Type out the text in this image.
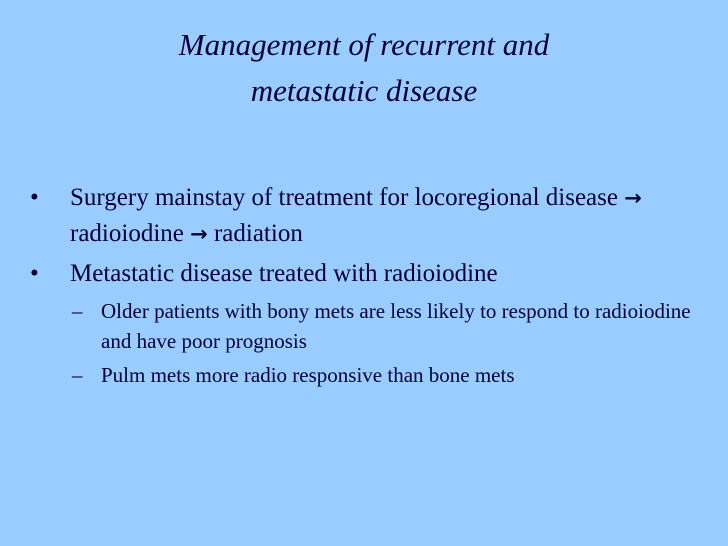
Management of recurrent and
metastatic disease
•	Surgery mainstay of treatment for locoregional disease → radioiodine → radiation
•	Metastatic disease treated with radioiodine
– Older patients with bony mets are less likely to respond to radioiodine and have poor prognosis
– Pulm mets more radio responsive than bone mets
